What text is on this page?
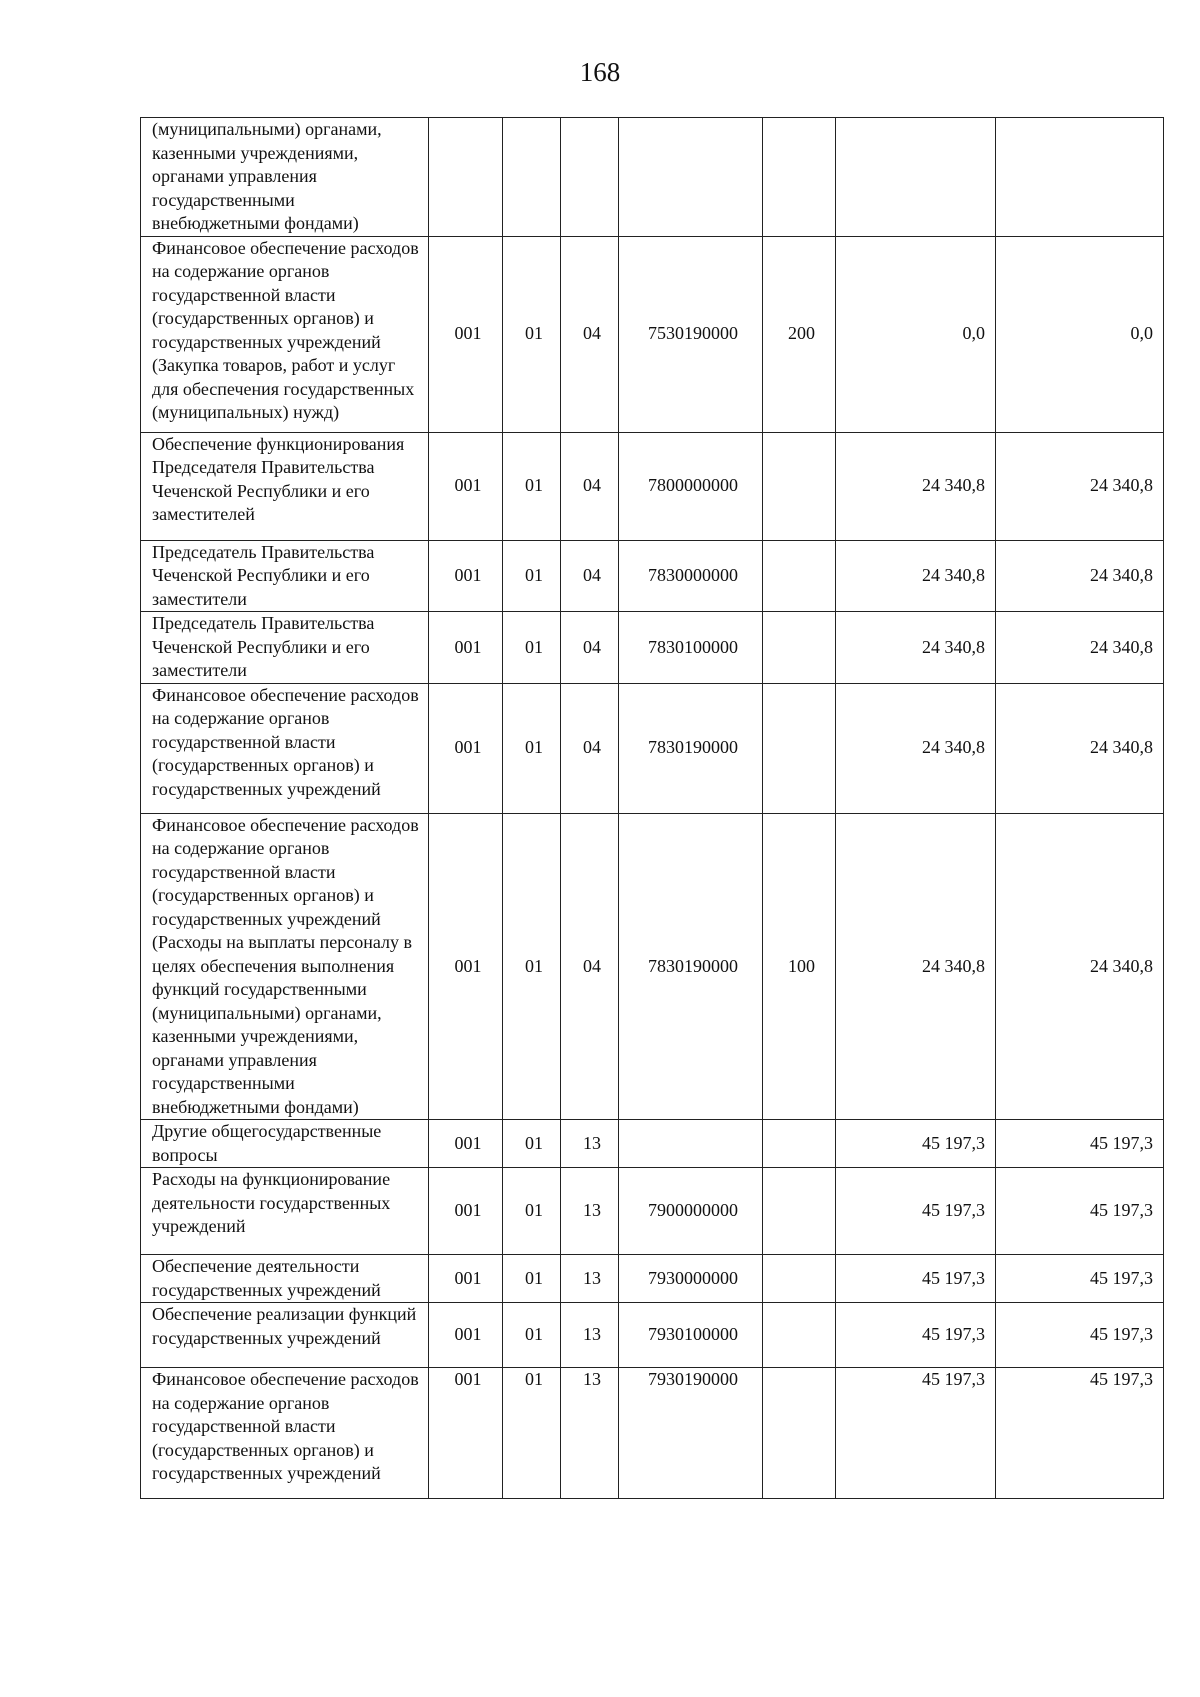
168
(муниципальными) органами, казенными учреждениями, органами управления государственными внебюджетными фондами)							
Финансовое обеспечение расходов на содержание органов государственной власти (государственных органов) и государственных учреждений (Закупка товаров, работ и услуг для обеспечения государственных (муниципальных) нужд)	001	01	04	7530190000	200	0,0	0,0
Обеспечение функционирования Председателя Правительства Чеченской Республики и его заместителей	001	01	04	7800000000		24 340,8	24 340,8
Председатель Правительства Чеченской Республики и его заместители	001	01	04	7830000000		24 340,8	24 340,8
Председатель Правительства Чеченской Республики и его заместители	001	01	04	7830100000		24 340,8	24 340,8
Финансовое обеспечение расходов на содержание органов государственной власти (государственных органов) и государственных учреждений	001	01	04	7830190000		24 340,8	24 340,8
Финансовое обеспечение расходов на содержание органов государственной власти (государственных органов) и государственных учреждений (Расходы на выплаты персоналу в целях обеспечения выполнения функций государственными (муниципальными) органами, казенными учреждениями, органами управления государственными внебюджетными фондами)	001	01	04	7830190000	100	24 340,8	24 340,8
Другие общегосударственные вопросы	001	01	13			45 197,3	45 197,3
Расходы на функционирование деятельности государственных учреждений	001	01	13	7900000000		45 197,3	45 197,3
Обеспечение деятельности государственных учреждений	001	01	13	7930000000		45 197,3	45 197,3
Обеспечение реализации функций государственных учреждений	001	01	13	7930100000		45 197,3	45 197,3
Финансовое обеспечение расходов на содержание органов государственной власти (государственных органов) и государственных учреждений	001	01	13	7930190000		45 197,3	45 197,3
